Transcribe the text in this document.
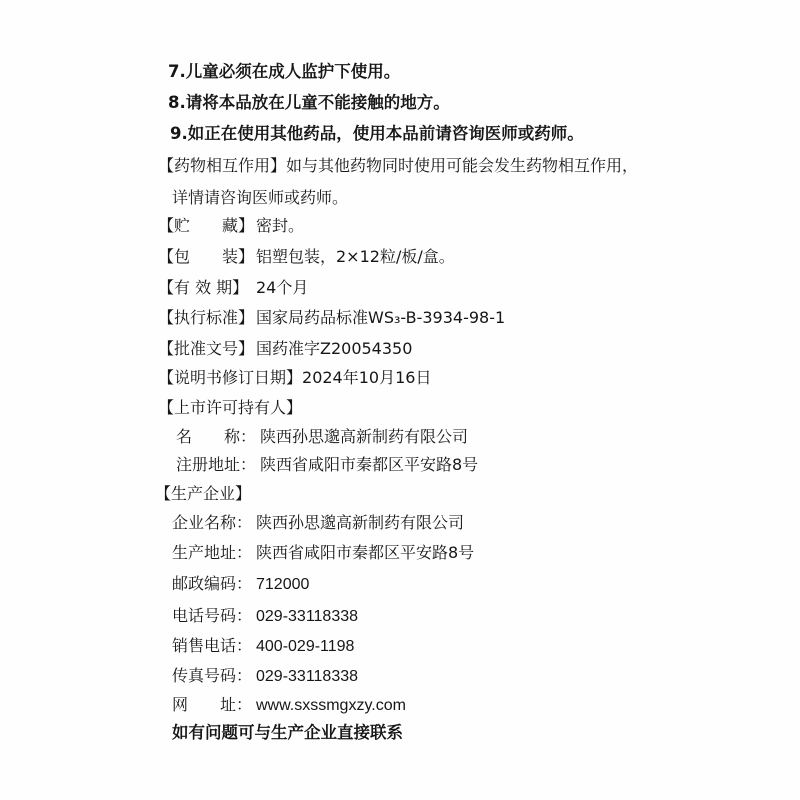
7.儿童必须在成人监护下使用。
8.请将本品放在儿童不能接触的地方。
9.如正在使用其他药品，使用本品前请咨询医师或药师。
【药物相互作用】如与其他药物同时使用可能会发生药物相互作用，
详情请咨询医师或药师。
【贮　　藏】 密封。
【包　　装】 铝塑包装，2×12粒/板/盒。
【有 效 期】 24个月
【执行标准】 国家局药品标准WS₃-B-3934-98-1
【批准文号】 国药准字Z20054350
【说明书修订日期】2024年10月16日
【上市许可持有人】
名　　称： 陕西孙思邈高新制药有限公司
注册地址： 陕西省咸阳市秦都区平安路8号
【生产企业】
企业名称： 陕西孙思邈高新制药有限公司
生产地址： 陕西省咸阳市秦都区平安路8号
邮政编码： 712000
电话号码： 029-33118338
销售电话： 400-029-1198
传真号码： 029-33118338
网　　址： www.sxssmgxzy.com
如有问题可与生产企业直接联系
